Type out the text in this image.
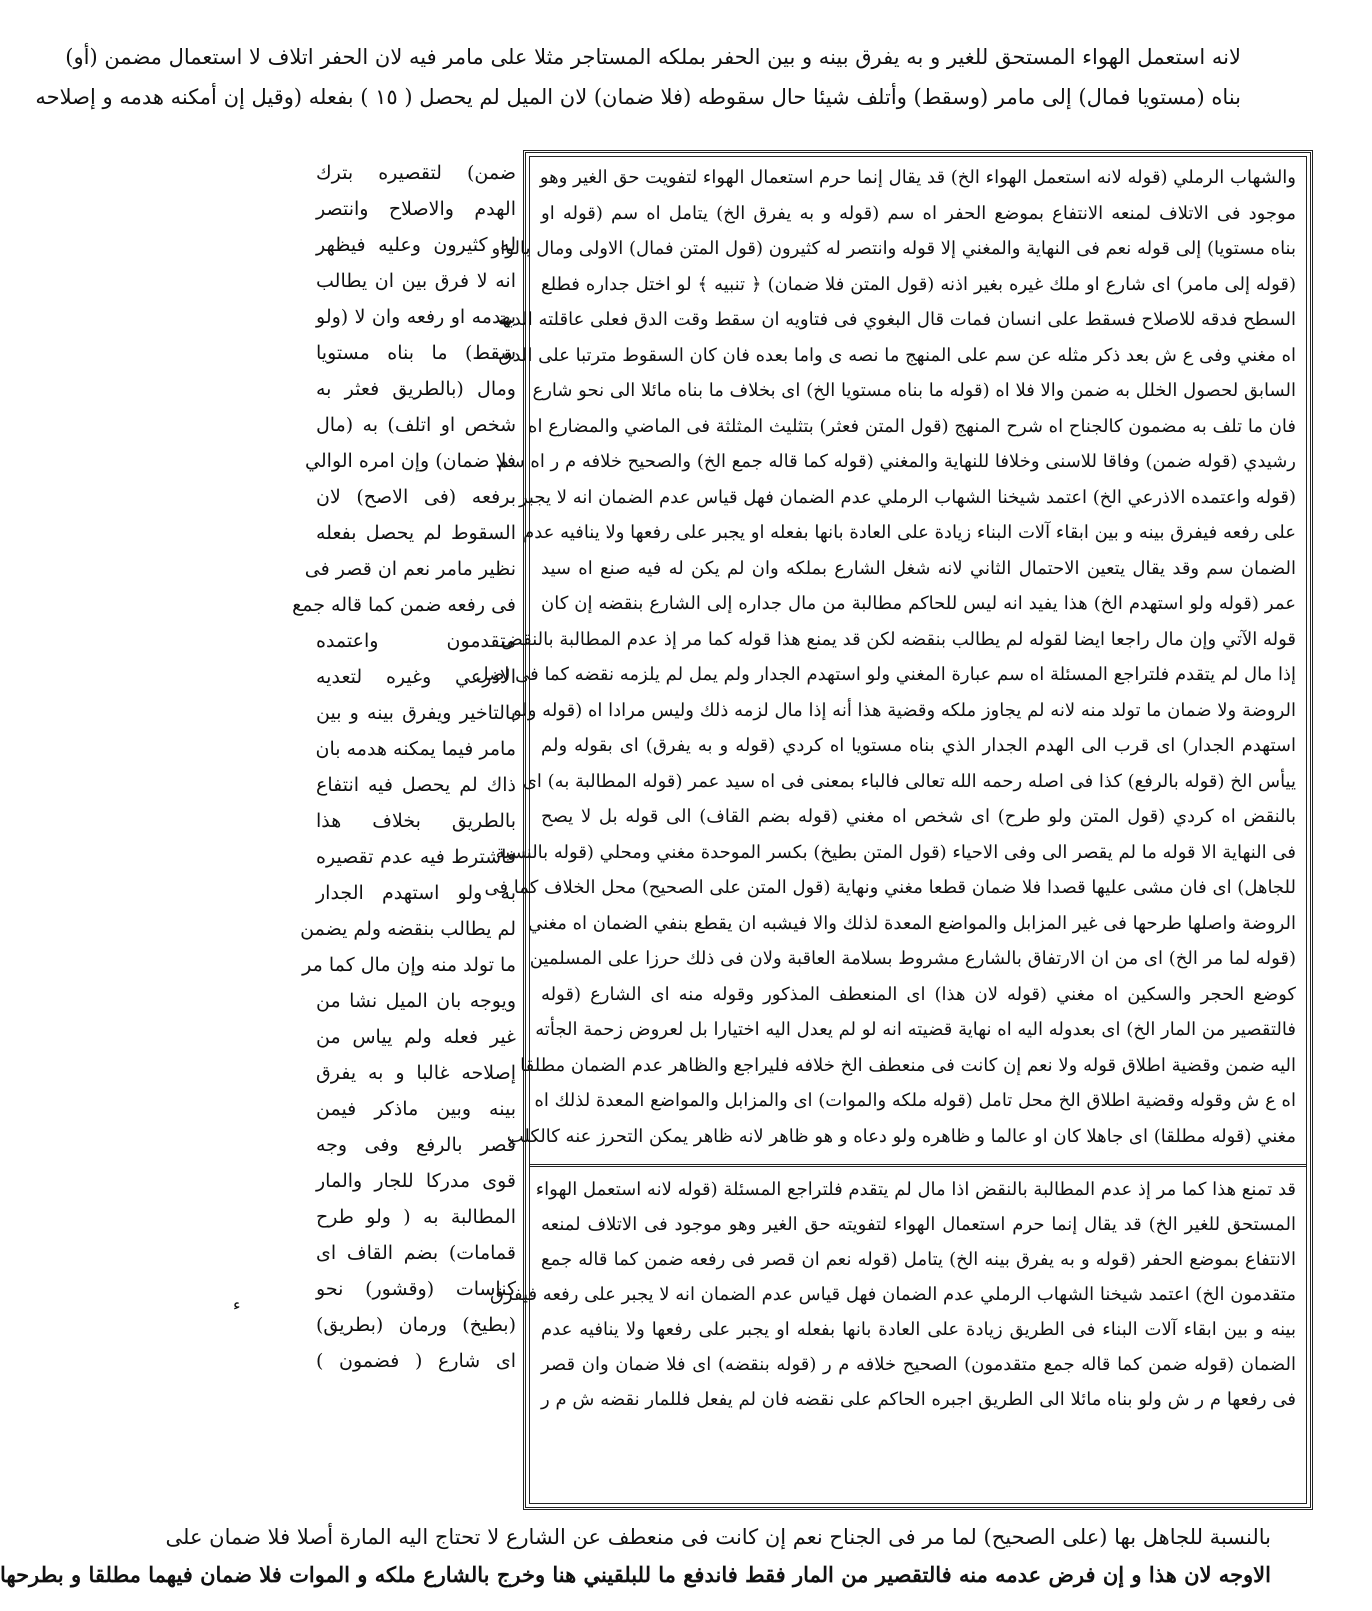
لانه استعمل الهواء المستحق للغير و به يفرق بينه و بين الحفر بملكه المستاجر مثلا على مامر فيه لان الحفر اتلاف لا استعمال مضمن (أو)
بناه (مستويا فمال) إلى مامر (وسقط) وأتلف شيئا حال سقوطه (فلا ضمان) لان الميل لم يحصل ( ١٥ ) بفعله (وقيل إن أمكنه هدمه و إصلاحه
والشهاب الرملي (قوله لانه استعمل الهواء الخ) قد يقال إنما حرم استعمال الهواء لتفويت حق الغير وهو
موجود فى الاتلاف لمنعه الانتفاع بموضع الحفر اه سم (قوله و به يفرق الخ) يتامل اه سم (قوله او
بناه مستويا) إلى قوله نعم فى النهاية والمغني إلا قوله وانتصر له كثيرون (قول المتن فمال) الاولى ومال بالواو
(قوله إلى مامر) اى شارع او ملك غيره بغير اذنه (قول المتن فلا ضمان) ﴿ تنبيه ﴾ لو اختل جداره فطلع
السطح فدقه للاصلاح فسقط على انسان فمات قال البغوي فى فتاويه ان سقط وقت الدق فعلى عاقلته الدية
اه مغني وفى ع ش بعد ذكر مثله عن سم على المنهج ما نصه ى واما بعده فان كان السقوط مترتبا على الدق
السابق لحصول الخلل به ضمن والا فلا اه (قوله ما بناه مستويا الخ) اى بخلاف ما بناه مائلا الى نحو شارع
فان ما تلف به مضمون كالجناح اه شرح المنهج (قول المتن فعثر) بتثليث المثلثة فى الماضي والمضارع اه
رشيدي (قوله ضمن) وفاقا للاسنى وخلافا للنهاية والمغني (قوله كما قاله جمع الخ) والصحيح خلافه م ر اه سم
(قوله واعتمده الاذرعي الخ) اعتمد شيخنا الشهاب الرملي عدم الضمان فهل قياس عدم الضمان انه لا يجبر
على رفعه فيفرق بينه و بين ابقاء آلات البناء زيادة على العادة بانها بفعله او يجبر على رفعها ولا ينافيه عدم
الضمان سم وقد يقال يتعين الاحتمال الثاني لانه شغل الشارع بملكه وان لم يكن له فيه صنع اه سيد
عمر (قوله ولو استهدم الخ) هذا يفيد انه ليس للحاكم مطالبة من مال جداره إلى الشارع بنقضه إن كان
قوله الآتي وإن مال راجعا ايضا لقوله لم يطالب بنقضه لكن قد يمنع هذا قوله كما مر إذ عدم المطالبة بالنقض
إذا مال لم يتقدم فلتراجع المسئلة اه سم عبارة المغني ولو استهدم الجدار ولم يمل لم يلزمه نقضه كما فى اصل
الروضة ولا ضمان ما تولد منه لانه لم يجاوز ملكه وقضية هذا أنه إذا مال لزمه ذلك وليس مرادا اه (قوله ولو
استهدم الجدار) اى قرب الى الهدم الجدار الذي بناه مستويا اه كردي (قوله و به يفرق) اى بقوله ولم
ييأس الخ (قوله بالرفع) كذا فى اصله رحمه الله تعالى فالباء بمعنى فى اه سيد عمر (قوله المطالبة به) اى
بالنقض اه كردي (قول المتن ولو طرح) اى شخص اه مغني (قوله بضم القاف) الى قوله بل لا يصح
فى النهاية الا قوله ما لم يقصر الى وفى الاحياء (قول المتن بطيخ) بكسر الموحدة مغني ومحلي (قوله بالنسبة
للجاهل) اى فان مشى عليها قصدا فلا ضمان قطعا مغني ونهاية (قول المتن على الصحيح) محل الخلاف كما فى
الروضة واصلها طرحها فى غير المزابل والمواضع المعدة لذلك والا فيشبه ان يقطع بنفي الضمان اه مغني
(قوله لما مر الخ) اى من ان الارتفاق بالشارع مشروط بسلامة العاقبة ولان فى ذلك حرزا على المسلمين
كوضع الحجر والسكين اه مغني (قوله لان هذا) اى المنعطف المذكور وقوله منه اى الشارع (قوله
فالتقصير من المار الخ) اى بعدوله اليه اه نهاية قضيته انه لو لم يعدل اليه اختيارا بل لعروض زحمة الجأته
اليه ضمن وقضية اطلاق قوله ولا نعم إن كانت فى منعطف الخ خلافه فليراجع والظاهر عدم الضمان مطلقا
اه ع ش وقوله وقضية اطلاق الخ محل تامل (قوله ملكه والموات) اى والمزابل والمواضع المعدة لذلك اه
مغني (قوله مطلقا) اى جاهلا كان او عالما و ظاهره ولو دعاه و هو ظاهر لانه ظاهر يمكن التحرز عنه كالكلب
قد تمنع هذا كما مر إذ عدم المطالبة بالنقض اذا مال لم يتقدم فلتراجع المسئلة (قوله لانه استعمل الهواء
المستحق للغير الخ) قد يقال إنما حرم استعمال الهواء لتفويته حق الغير وهو موجود فى الاتلاف لمنعه
الانتفاع بموضع الحفر (قوله و به يفرق بينه الخ) يتامل (قوله نعم ان قصر فى رفعه ضمن كما قاله جمع
متقدمون الخ) اعتمد شيخنا الشهاب الرملي عدم الضمان فهل قياس عدم الضمان انه لا يجبر على رفعه فيفرق
بينه و بين ابقاء آلات البناء فى الطريق زيادة على العادة بانها بفعله او يجبر على رفعها ولا ينافيه عدم
الضمان (قوله ضمن كما قاله جمع متقدمون) الصحيح خلافه م ر (قوله بنقضه) اى فلا ضمان وان قصر
فى رفعها م ر ش ولو بناه مائلا الى الطريق اجبره الحاكم على نقضه فان لم يفعل فللمار نقضه ش م ر
ضمن) لتقصيره بترك
الهدم والاصلاح وانتصر
له كثيرون وعليه فيظهر
انه لا فرق بين ان يطالب
بهدمه او رفعه وان لا (ولو
سقط) ما بناه مستويا
ومال (بالطريق فعثر به
شخص او اتلف) به (مال
فلا ضمان) وإن امره الوالي
برفعه (فى الاصح) لان
السقوط لم يحصل بفعله
نظير مامر نعم ان قصر فى
فى رفعه ضمن كما قاله جمع
متقدمون واعتمده
الاذرعي وغيره لتعديه
بالتاخير ويفرق بينه و بين
مامر فيما يمكنه هدمه بان
ذاك لم يحصل فيه انتفاع
بالطريق بخلاف هذا
فاشترط فيه عدم تقصيره
به ولو استهدم الجدار
لم يطالب بنقضه ولم يضمن
ما تولد منه وإن مال كما مر
ويوجه بان الميل نشا من
غير فعله ولم يياس من
إصلاحه غالبا و به يفرق
بينه وبين ماذكر فيمن
قصر بالرفع وفى وجه
قوى مدركا للجار والمار
المطالبة به ( ولو طرح
قمامات) بضم القاف اى
كناسات (وقشور) نحو
(بطيخ) ورمان (بطريق)
اى شارع ( فضمون )
ء
بالنسبة للجاهل بها (على الصحيح) لما مر فى الجناح نعم إن كانت فى منعطف عن الشارع لا تحتاج اليه المارة أصلا فلا ضمان على
الاوجه لان هذا و إن فرض عدمه منه فالتقصير من المار فقط فاندفع ما للبلقيني هنا وخرج بالشارع ملكه و الموات فلا ضمان فيهما مطلقا و بطرحها
